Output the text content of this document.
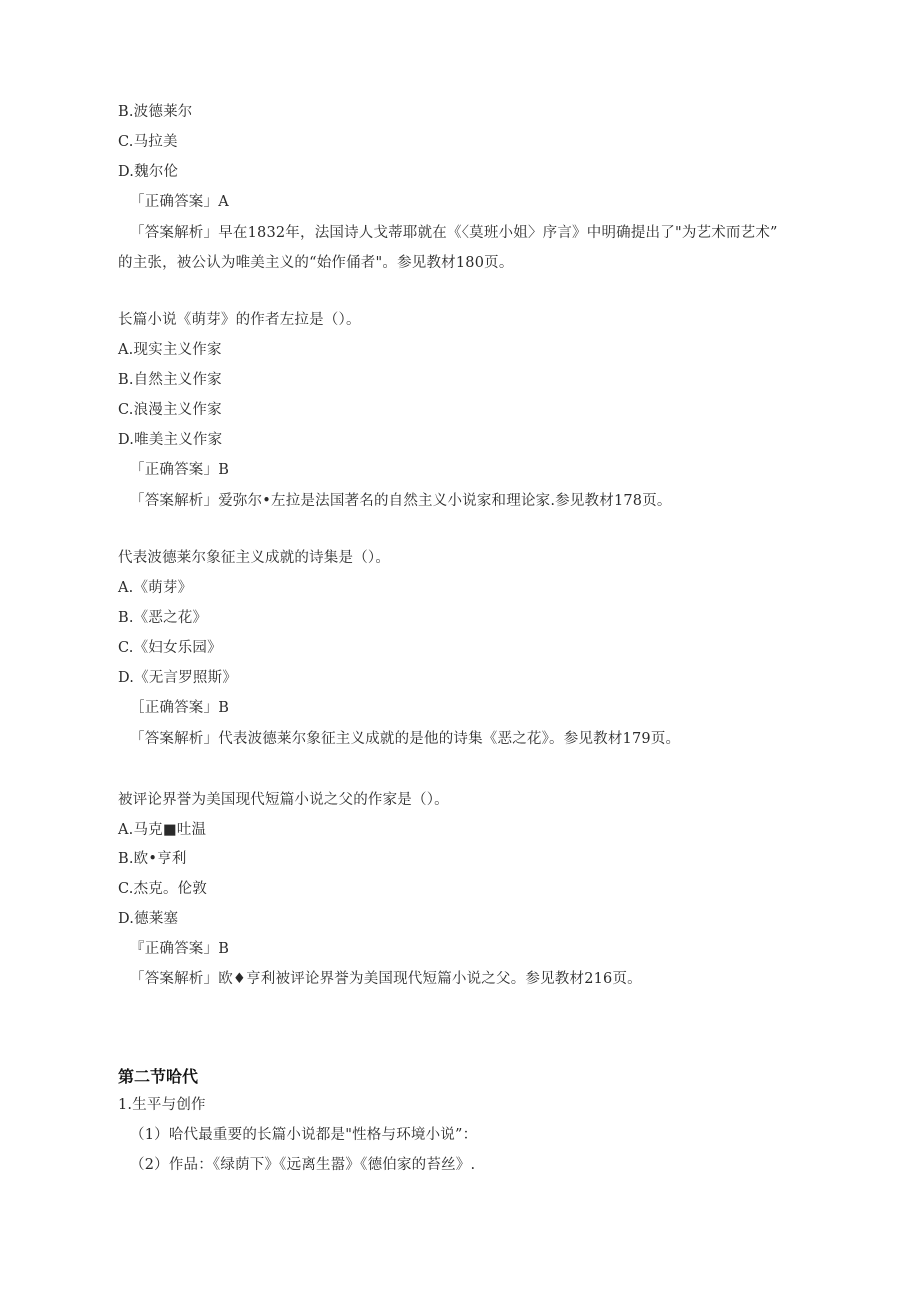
B.波德莱尔
C.马拉美
D.魏尔伦
「正确答案」A
「答案解析」早在1832年，法国诗人戈蒂耶就在《〈莫班小姐〉序言》中明确提出了"为艺术而艺术”
的主张，被公认为唯美主义的“始作俑者"。参见教材180页。
长篇小说《萌芽》的作者左拉是（）。
A.现实主义作家
B.自然主义作家
C.浪漫主义作家
D.唯美主义作家
「正确答案」B
「答案解析」爱弥尔•左拉是法国著名的自然主义小说家和理论家.参见教材178页。
代表波德莱尔象征主义成就的诗集是（）。
A.《萌芽》
B.《恶之花》
C.《妇女乐园》
D.《无言罗照斯》
［正确答案」B
「答案解析」代表波德莱尔象征主义成就的是他的诗集《恶之花》。参见教材179页。
被评论界誉为美国现代短篇小说之父的作家是（）。
A.马克■吐温
B.欧•亨利
C.杰克。伦敦
D.德莱塞
『正确答案」B
「答案解析」欧♦亨利被评论界誉为美国现代短篇小说之父。参见教材216页。
第二节哈代
1.生平与创作
（1）哈代最重要的长篇小说都是"性格与环境小说”：
（2）作品：《绿荫下》《远离生嚣》《德伯家的苔丝》.
